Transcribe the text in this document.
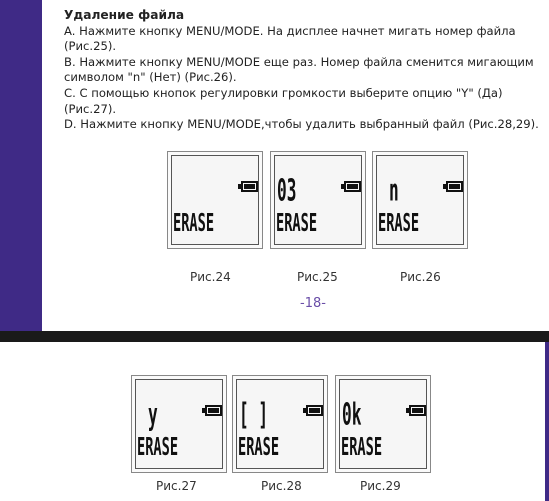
Удаление файла
A. Нажмите кнопку MENU/MODE. На дисплее начнет мигать номер файла (Рис.25).
B. Нажмите кнопку MENU/MODE еще раз. Номер файла сменится мигающим символом "n" (Нет) (Рис.26).
C. С помощью кнопок регулировки громкости выберите опцию "Y" (Да) (Рис.27).
D. Нажмите кнопку MENU/MODE,чтобы удалить выбранный файл (Рис.28,29).
ERASE
Рис.24
03
ERASE
Рис.25
n
ERASE
Рис.26
-18-
y
ERASE
Рис.27
[ ]
ERASE
Рис.28
0k
ERASE
Рис.29
